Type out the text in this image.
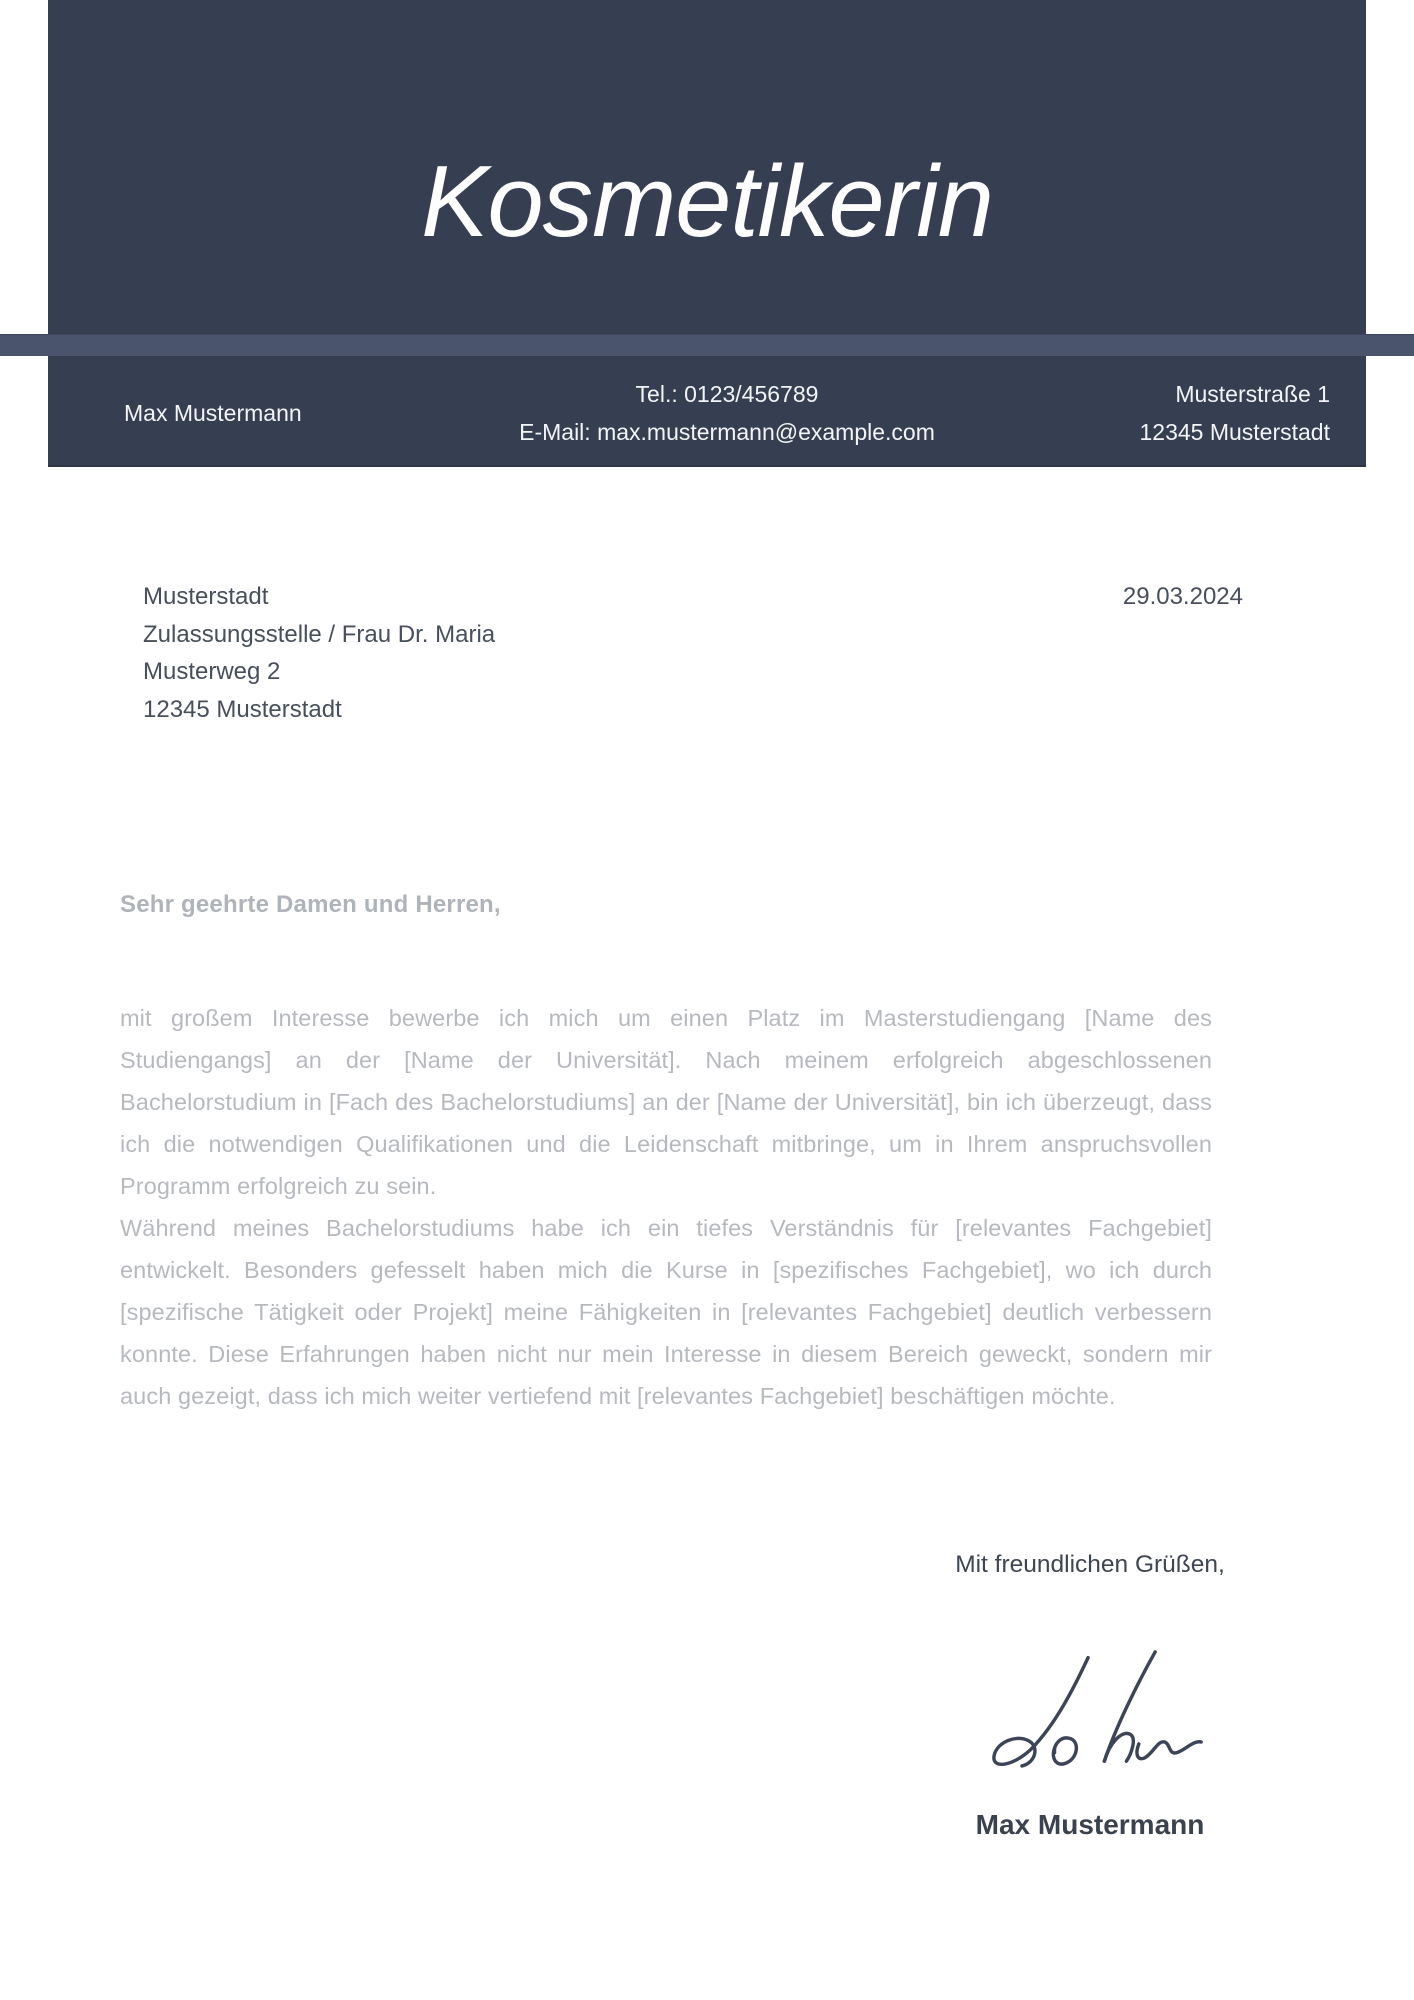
Kosmetikerin
Max Mustermann
Tel.: 0123/456789
E-Mail: max.mustermann@example.com
Musterstraße 1
12345 Musterstadt
Musterstadt
Zulassungsstelle / Frau Dr. Maria
Musterweg 2
12345 Musterstadt
29.03.2024
Sehr geehrte Damen und Herren,

mit großem Interesse bewerbe ich mich um einen Platz im Masterstudiengang [Name des Studiengangs] an der [Name der Universität]. Nach meinem erfolgreich abgeschlossenen Bachelorstudium in [Fach des Bachelorstudiums] an der [Name der Universität], bin ich überzeugt, dass ich die notwendigen Qualifikationen und die Leidenschaft mitbringe, um in Ihrem anspruchsvollen Programm erfolgreich zu sein.

Während meines Bachelorstudiums habe ich ein tiefes Verständnis für [relevantes Fachgebiet] entwickelt. Besonders gefesselt haben mich die Kurse in [spezifisches Fachgebiet], wo ich durch [spezifische Tätigkeit oder Projekt] meine Fähigkeiten in [relevantes Fachgebiet] deutlich verbessern konnte. Diese Erfahrungen haben nicht nur mein Interesse in diesem Bereich geweckt, sondern mir auch gezeigt, dass ich mich weiter vertiefend mit [relevantes Fachgebiet] beschäftigen möchte.

Mit freundlichen Grüßen,
Max Mustermann
